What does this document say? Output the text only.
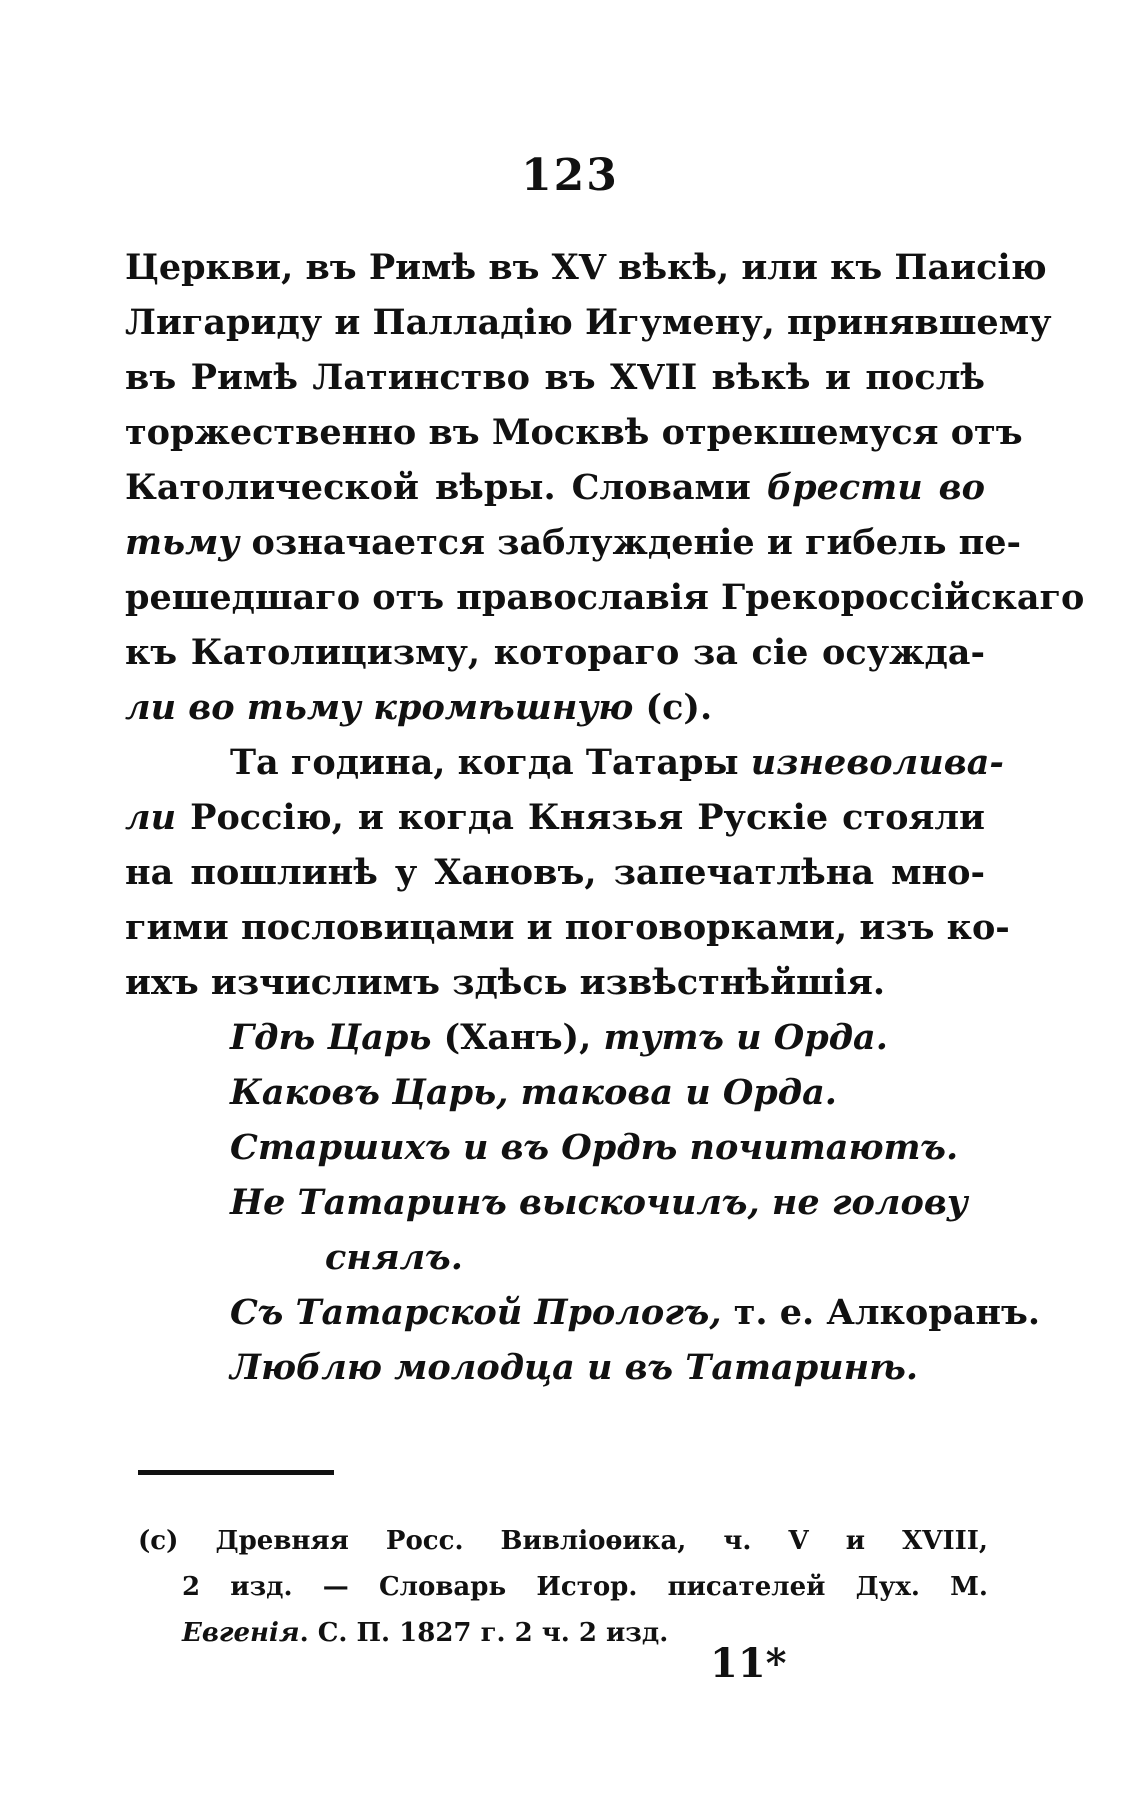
123
Церкви, въ Римѣ въ XV вѣкѣ, или къ Паисію
Лигариду и Палладію Игумену, принявшему
въ Римѣ Латинство въ XVII вѣкѣ и послѣ
торжественно въ Москвѣ отрекшемуся отъ
Католической вѣры. Словами брести во
тьму означается заблужденіе и гибель пе-
решедшаго отъ православія Грекороссійскаго
къ Католицизму, котораго за сіе осужда-
ли во тьму кромѣшную (c).
Та година, когда Татары изневолива-
ли Россію, и когда Князья Рускіе стояли
на пошлинѣ у Хановъ, запечатлѣна мно-
гими пословицами и поговорками, изъ ко-
ихъ изчислимъ здѣсь извѣстнѣйшія.
Гдѣ Царь (Ханъ), тутъ и Орда.
Каковъ Царь, такова и Орда.
Старшихъ и въ Ордѣ почитаютъ.
Не Татаринъ выскочилъ, не голову
снялъ.
Съ Татарской Прологъ, т. е. Алкоранъ.
Люблю молодца и въ Татаринѣ.
(c) Древняя Росс. Вивліоѳика, ч. V и XVIII,
2 изд. — Словарь Истор. писателей Дух. М.
Евгенія. С. П. 1827 г. 2 ч. 2 изд.
11*
